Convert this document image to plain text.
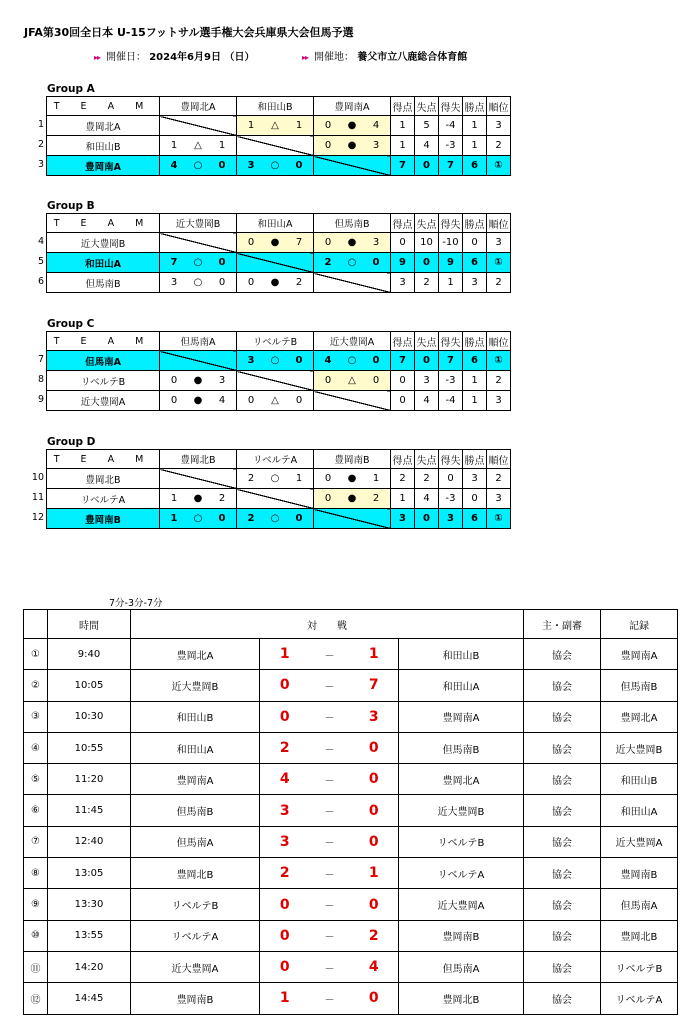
JFA第30回全日本 U-15フットサル選手権大会兵庫県大会但馬予選
▸▸ 開催日： 2024年6月9日 （日）	▸▸ 開催地： 養父市立八鹿総合体育館
Group A
1
2
3
T E A M	豊岡北A	和田山B	豊岡南A	得点	失点	得失	勝点	順位
豊岡北A		1 △ 1	0 ● 4	1	5	-4	1	3
和田山B	1 △ 1		0 ● 3	1	4	-3	1	2
豊岡南A	4 ○ 0	3 ○ 0		7	0	7	6	①
Group B
4
5
6
T E A M	近大豊岡B	和田山A	但馬南B	得点	失点	得失	勝点	順位
近大豊岡B		0 ● 7	0 ● 3	0	10	-10	0	3
和田山A	7 ○ 0		2 ○ 0	9	0	9	6	①
但馬南B	3 ○ 0	0 ● 2		3	2	1	3	2
Group C
7
8
9
T E A M	但馬南A	リベルテB	近大豊岡A	得点	失点	得失	勝点	順位
但馬南A		3 ○ 0	4 ○ 0	7	0	7	6	①
リベルテB	0 ● 3		0 △ 0	0	3	-3	1	2
近大豊岡A	0 ● 4	0 △ 0		0	4	-4	1	3
Group D
10
11
12
T E A M	豊岡北B	リベルテA	豊岡南B	得点	失点	得失	勝点	順位
豊岡北B		2 ○ 1	0 ● 1	2	2	0	3	2
リベルテA	1 ● 2		0 ● 2	1	4	-3	0	3
豊岡南B	1 ○ 0	2 ○ 0		3	0	3	6	①
7分-3分-7分
	時間	対　　戦					主・副審	記録
①	9:40	豊岡北A	1	－	1	和田山B	協会	豊岡南A
②	10:05	近大豊岡B	0	－	7	和田山A	協会	但馬南B
③	10:30	和田山B	0	－	3	豊岡南A	協会	豊岡北A
④	10:55	和田山A	2	－	0	但馬南B	協会	近大豊岡B
⑤	11:20	豊岡南A	4	－	0	豊岡北A	協会	和田山B
⑥	11:45	但馬南B	3	－	0	近大豊岡B	協会	和田山A
⑦	12:40	但馬南A	3	－	0	リベルテB	協会	近大豊岡A
⑧	13:05	豊岡北B	2	－	1	リベルテA	協会	豊岡南B
⑨	13:30	リベルテB	0	－	0	近大豊岡A	協会	但馬南A
⑩	13:55	リベルテA	0	－	2	豊岡南B	協会	豊岡北B
⑪	14:20	近大豊岡A	0	－	4	但馬南A	協会	リベルテB
⑫	14:45	豊岡南B	1	－	0	豊岡北B	協会	リベルテA
